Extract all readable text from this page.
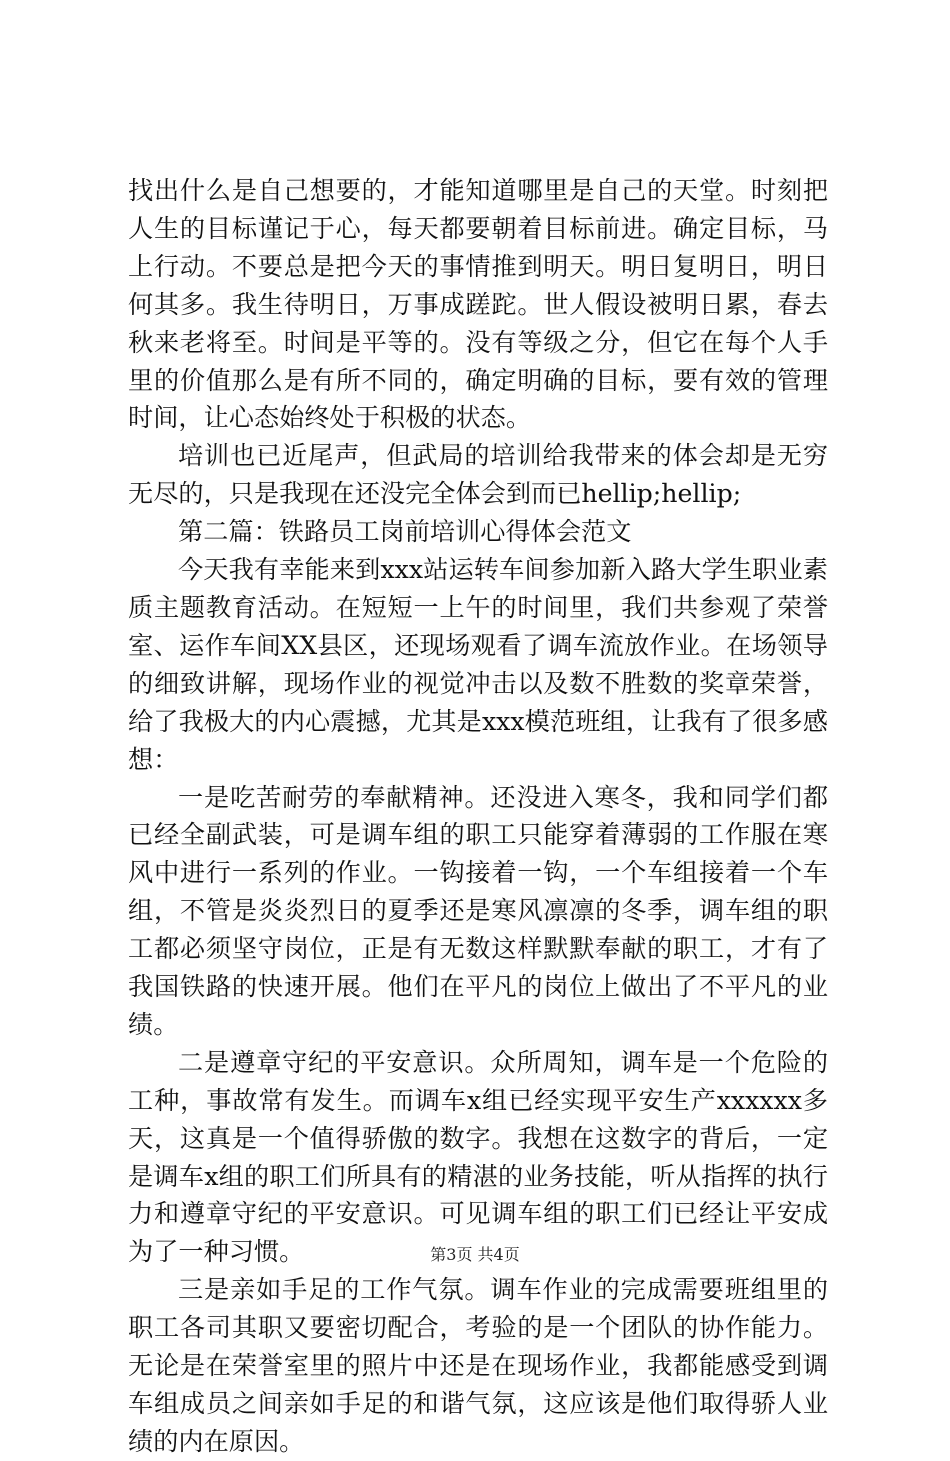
找出什么是自己想要的，才能知道哪里是自己的天堂。时刻把人生的目标谨记于心，每天都要朝着目标前进。确定目标，马上行动。不要总是把今天的事情推到明天。明日复明日，明日何其多。我生待明日，万事成蹉跎。世人假设被明日累，春去秋来老将至。时间是平等的。没有等级之分，但它在每个人手里的价值那么是有所不同的，确定明确的目标，要有效的管理时间，让心态始终处于积极的状态。

培训也已近尾声，但武局的培训给我带来的体会却是无穷无尽的，只是我现在还没完全体会到而已hellip;hellip;

第二篇：铁路员工岗前培训心得体会范文

今天我有幸能来到xxx站运转车间参加新入路大学生职业素质主题教育活动。在短短一上午的时间里，我们共参观了荣誉室、运作车间XX县区，还现场观看了调车流放作业。在场领导的细致讲解，现场作业的视觉冲击以及数不胜数的奖章荣誉，给了我极大的内心震撼，尤其是xxx模范班组，让我有了很多感想：

一是吃苦耐劳的奉献精神。还没进入寒冬，我和同学们都已经全副武装，可是调车组的职工只能穿着薄弱的工作服在寒风中进行一系列的作业。一钩接着一钩，一个车组接着一个车组，不管是炎炎烈日的夏季还是寒风凛凛的冬季，调车组的职工都必须坚守岗位，正是有无数这样默默奉献的职工，才有了我国铁路的快速开展。他们在平凡的岗位上做出了不平凡的业绩。

二是遵章守纪的平安意识。众所周知，调车是一个危险的工种，事故常有发生。而调车x组已经实现平安生产xxxxxx多天，这真是一个值得骄傲的数字。我想在这数字的背后，一定是调车x组的职工们所具有的精湛的业务技能，听从指挥的执行力和遵章守纪的平安意识。可见调车组的职工们已经让平安成为了一种习惯。

三是亲如手足的工作气氛。调车作业的完成需要班组里的职工各司其职又要密切配合，考验的是一个团队的协作能力。无论是在荣誉室里的照片中还是在现场作业，我都能感受到调车组成员之间亲如手足的和谐气氛，这应该是他们取得骄人业绩的内在原因。

第3页 共4页
